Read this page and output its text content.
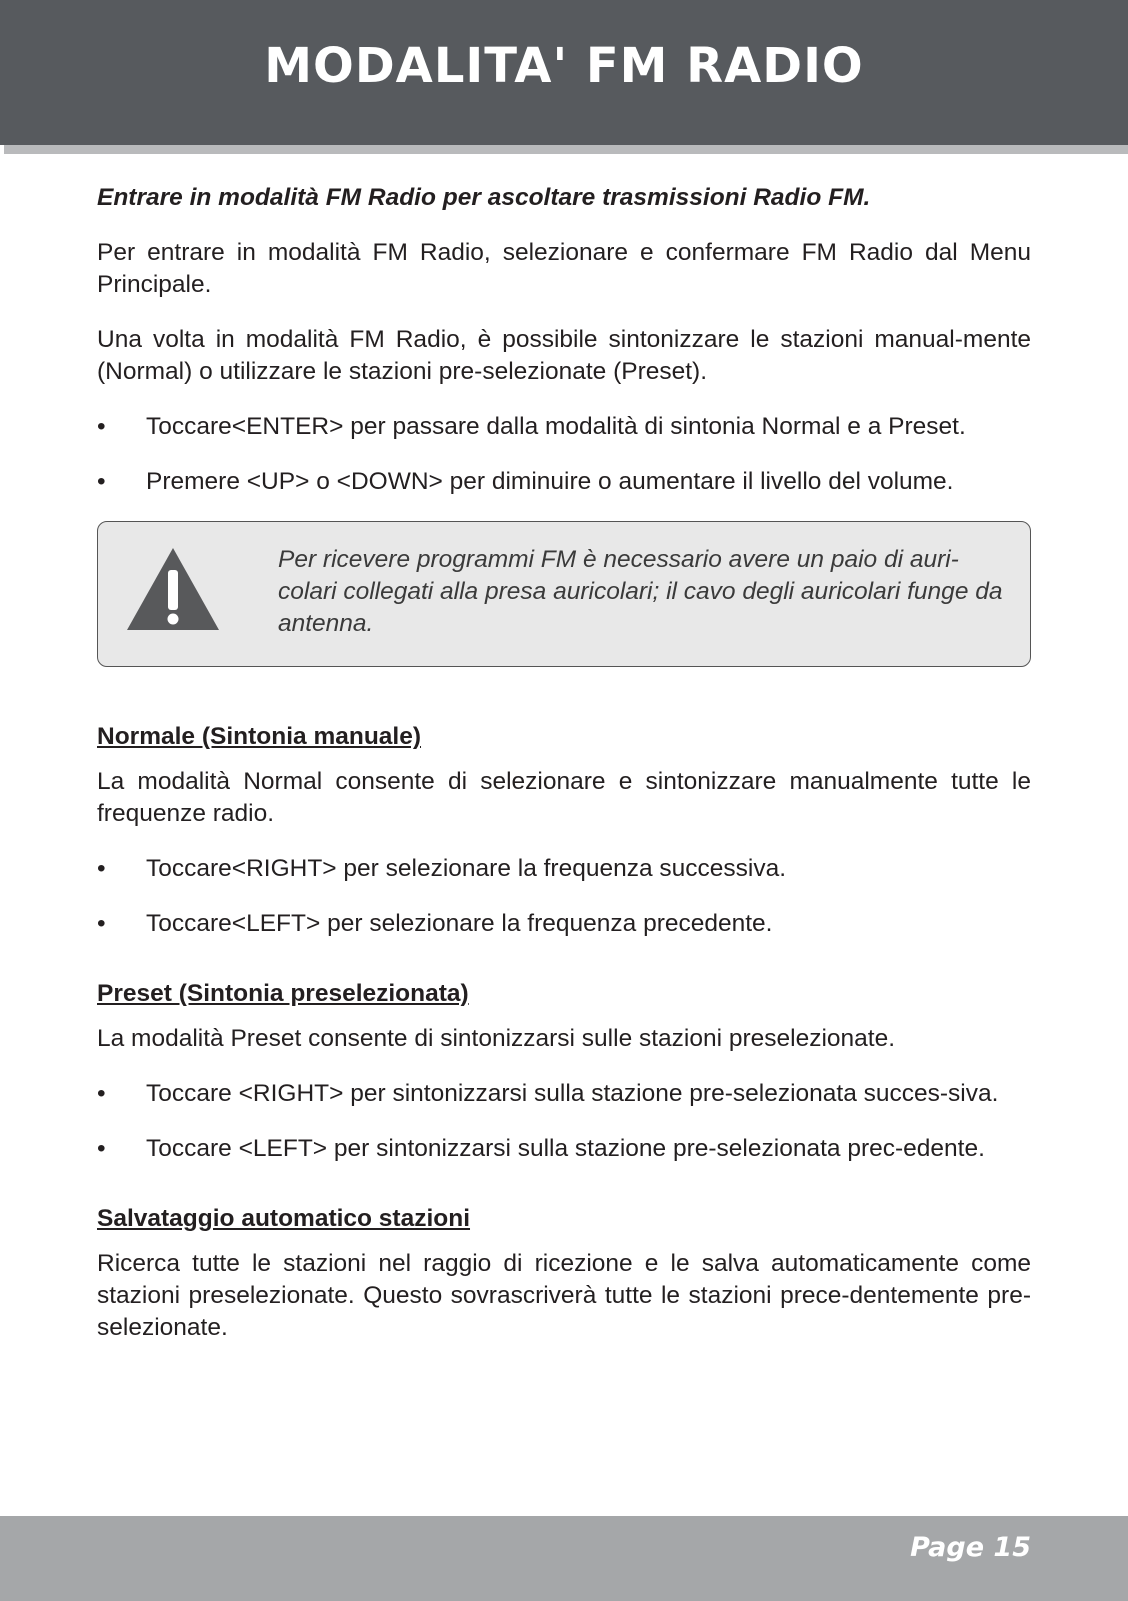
MODALITA' FM RADIO

Entrare in modalità FM Radio per ascoltare trasmissioni Radio FM.

Per entrare in modalità FM Radio, selezionare e confermare FM Radio dal Menu Principale.

Una volta in modalità FM Radio, è possibile sintonizzare le stazioni manual-mente (Normal) o utilizzare le stazioni pre-selezionate (Preset).

• Toccare<ENTER> per passare dalla modalità di sintonia Normal e a Preset.
• Premere <UP> o <DOWN> per diminuire o aumentare il livello del volume.
Per ricevere programmi FM è necessario avere un paio di auri-colari collegati alla presa auricolari; il cavo degli auricolari funge da antenna.

Normale (Sintonia manuale)

La modalità Normal consente di selezionare e sintonizzare manualmente tutte le frequenze radio.

• Toccare<RIGHT> per selezionare la frequenza successiva.
• Toccare<LEFT> per selezionare la frequenza precedente.

Preset (Sintonia preselezionata)

La modalità Preset consente di sintonizzarsi sulle stazioni preselezionate.

• Toccare <RIGHT> per sintonizzarsi sulla stazione pre-selezionata succes-siva.
• Toccare <LEFT> per sintonizzarsi sulla stazione pre-selezionata prec-edente.

Salvataggio automatico stazioni

Ricerca tutte le stazioni nel raggio di ricezione e le salva automaticamente come stazioni preselezionate. Questo sovrascriverà tutte le stazioni prece-dentemente pre-selezionate.

Page 15
